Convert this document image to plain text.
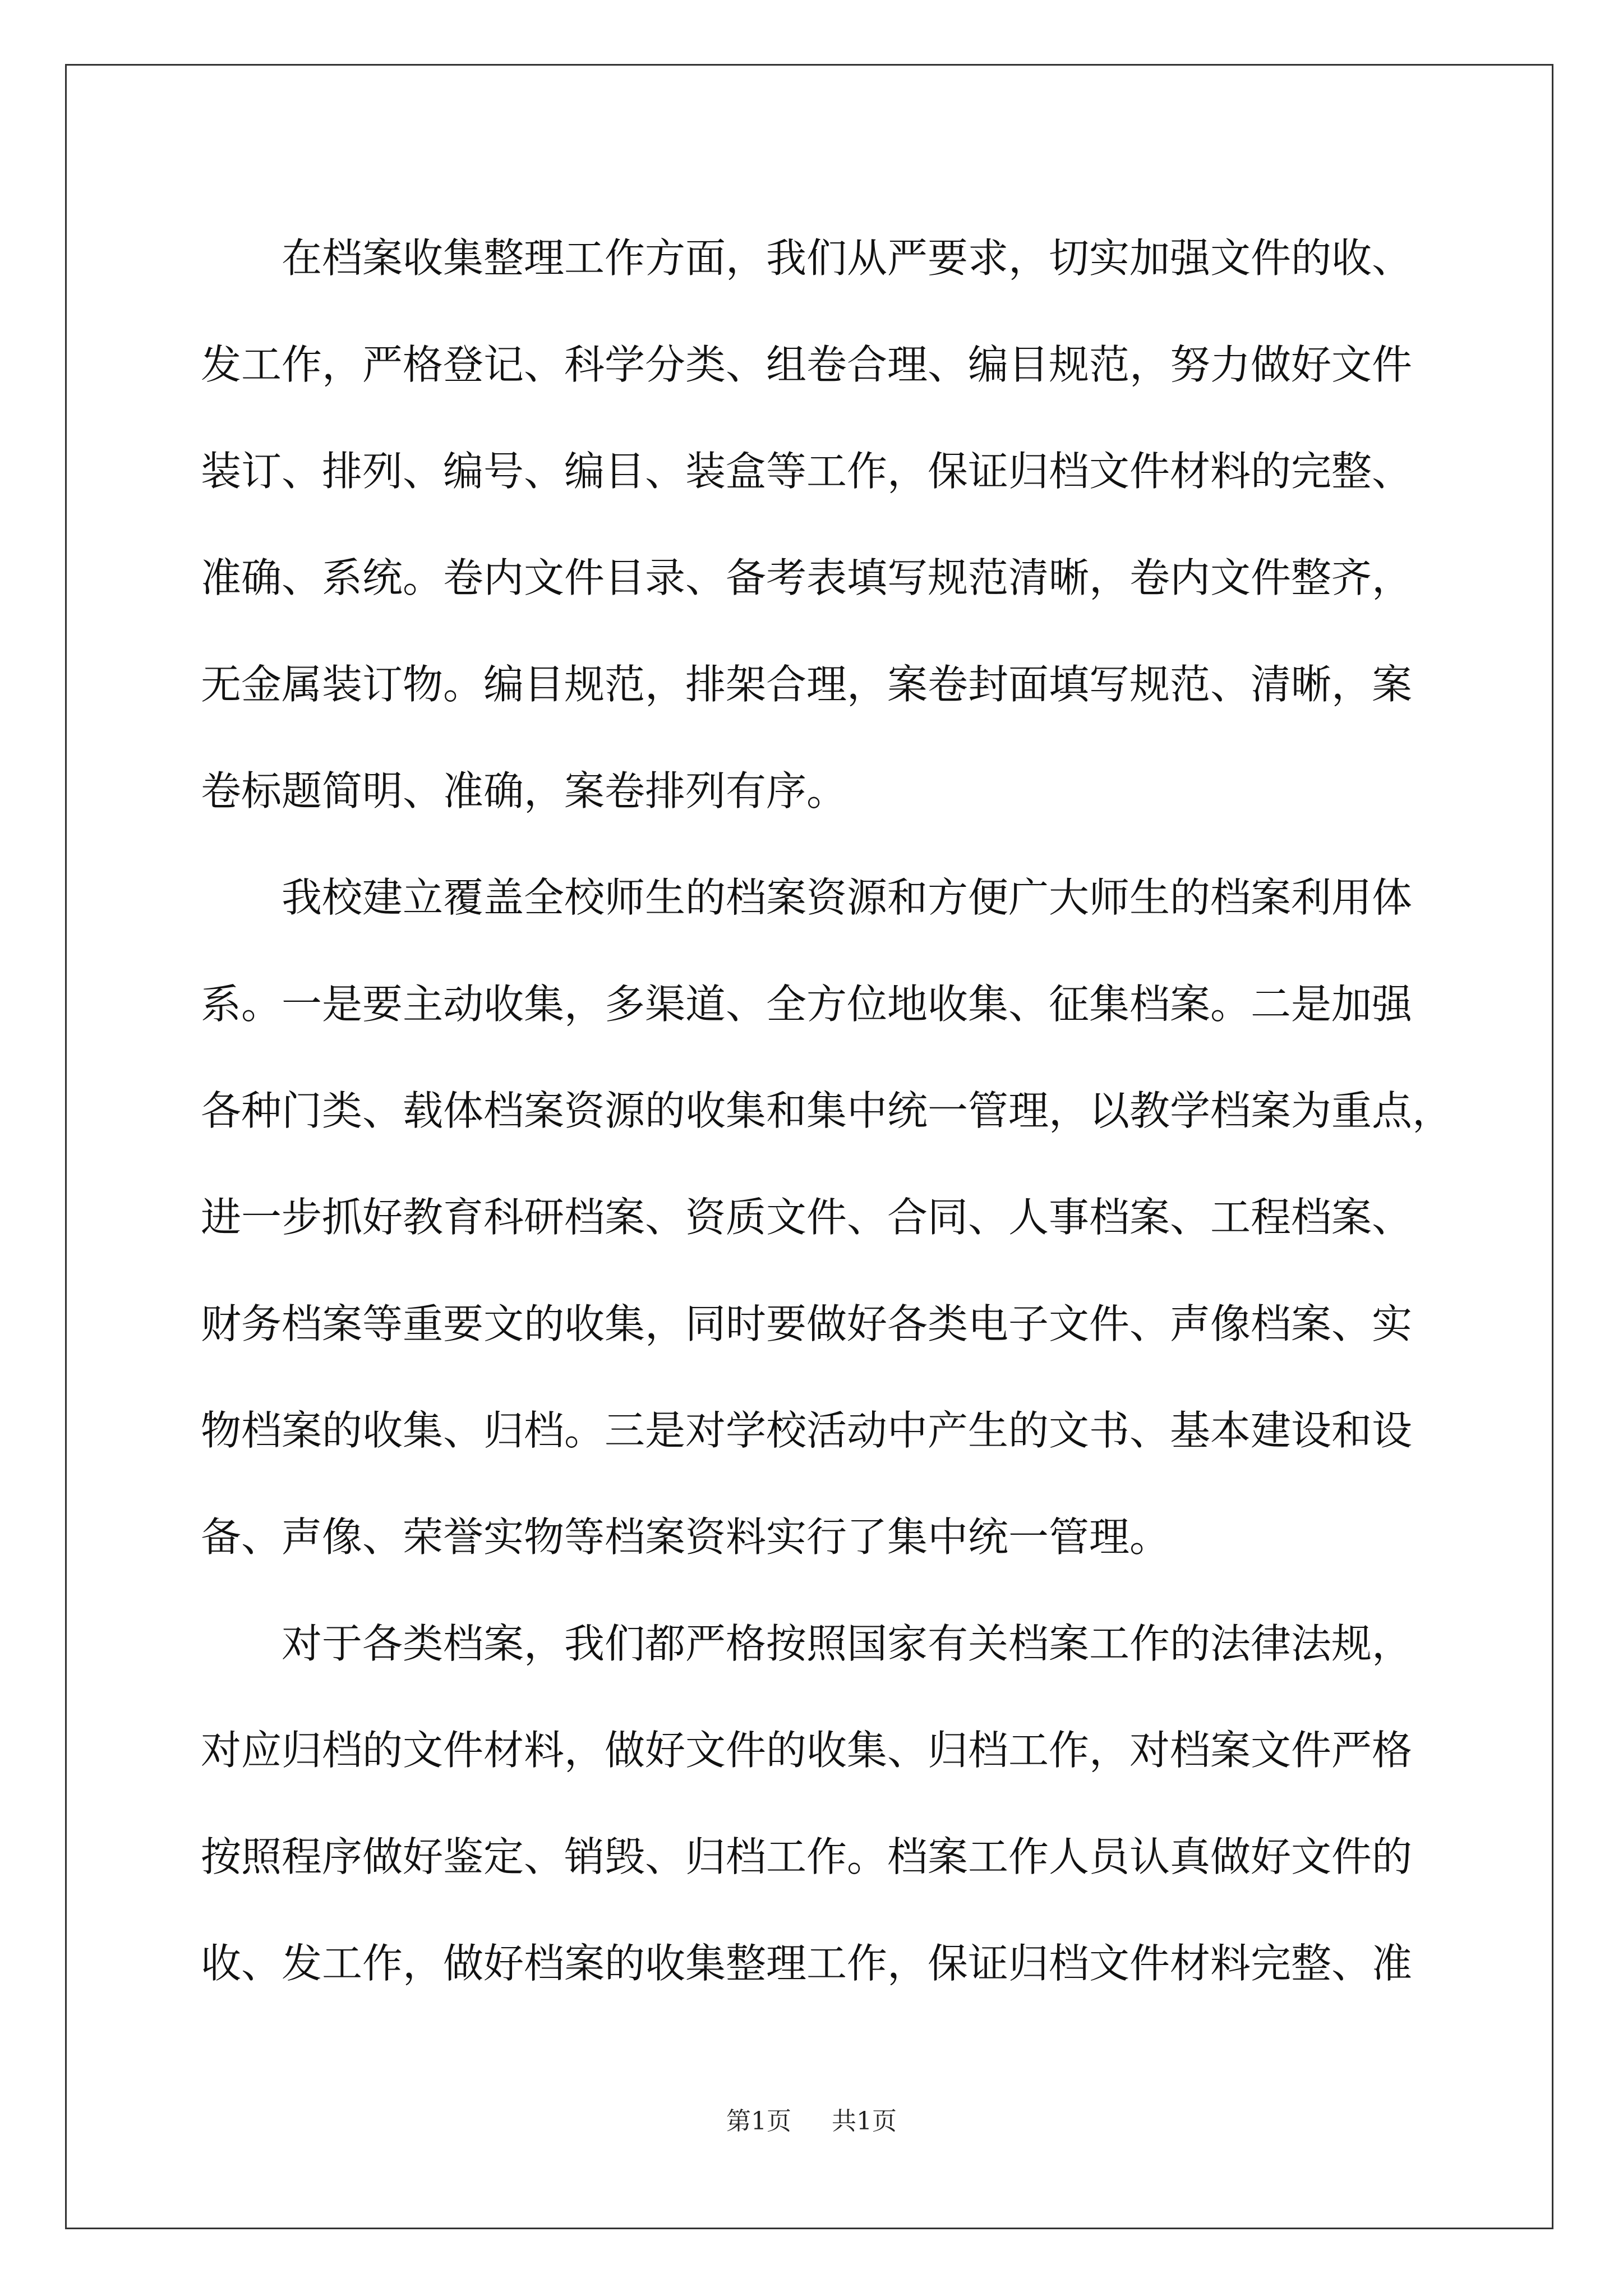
　　在档案收集整理工作方面，我们从严要求，切实加强文件的收、
发工作，严格登记、科学分类、组卷合理、编目规范，努力做好文件
装订、排列、编号、编目、装盒等工作，保证归档文件材料的完整、
准确、系统。卷内文件目录、备考表填写规范清晰，卷内文件整齐，
无金属装订物。编目规范，排架合理，案卷封面填写规范、清晰，案
卷标题简明、准确，案卷排列有序。
　　我校建立覆盖全校师生的档案资源和方便广大师生的档案利用体
系。一是要主动收集，多渠道、全方位地收集、征集档案。二是加强
各种门类、载体档案资源的收集和集中统一管理，以教学档案为重点，
进一步抓好教育科研档案、资质文件、合同、人事档案、工程档案、
财务档案等重要文的收集，同时要做好各类电子文件、声像档案、实
物档案的收集、归档。三是对学校活动中产生的文书、基本建设和设
备、声像、荣誉实物等档案资料实行了集中统一管理。
　　对于各类档案，我们都严格按照国家有关档案工作的法律法规，
对应归档的文件材料，做好文件的收集、归档工作，对档案文件严格
按照程序做好鉴定、销毁、归档工作。档案工作人员认真做好文件的
收、发工作，做好档案的收集整理工作，保证归档文件材料完整、准
第1页 共1页
